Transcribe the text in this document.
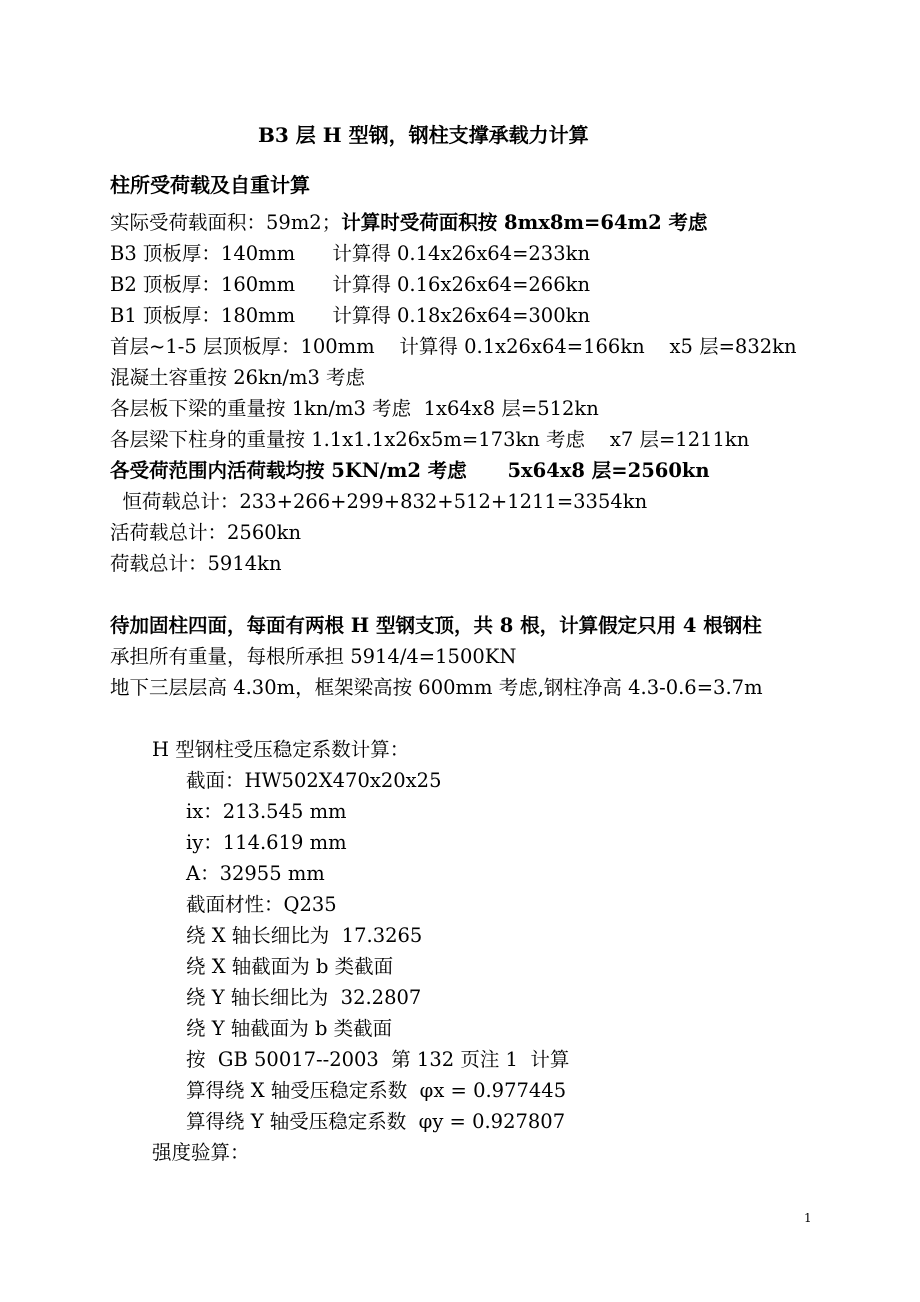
B3 层 H 型钢，钢柱支撑承载力计算
柱所受荷载及自重计算
实际受荷载面积：59m2；计算时受荷面积按 8mx8m=64m2 考虑
B3 顶板厚：140mm      计算得 0.14x26x64=233kn
B2 顶板厚：160mm      计算得 0.16x26x64=266kn
B1 顶板厚：180mm      计算得 0.18x26x64=300kn
首层~1-5 层顶板厚：100mm    计算得 0.1x26x64=166kn    x5 层=832kn
混凝土容重按 26kn/m3 考虑
各层板下梁的重量按 1kn/m3 考虑  1x64x8 层=512kn
各层梁下柱身的重量按 1.1x1.1x26x5m=173kn 考虑    x7 层=1211kn
各受荷范围内活荷载均按 5KN/m2 考虑      5x64x8 层=2560kn
恒荷载总计：233+266+299+832+512+1211=3354kn
活荷载总计：2560kn
荷载总计：5914kn
待加固柱四面，每面有两根 H 型钢支顶，共 8 根，计算假定只用 4 根钢柱
承担所有重量，每根所承担 5914/4=1500KN
地下三层层高 4.30m，框架梁高按 600mm 考虑,钢柱净高 4.3-0.6=3.7m
H 型钢柱受压稳定系数计算：
截面：HW502X470x20x25
ix：213.545 mm
iy：114.619 mm
A：32955 mm
截面材性：Q235
绕 X 轴长细比为  17.3265
绕 X 轴截面为 b 类截面
绕 Y 轴长细比为  32.2807
绕 Y 轴截面为 b 类截面
按  GB 50017--2003  第 132 页注 1  计算
算得绕 X 轴受压稳定系数  φx = 0.977445
算得绕 Y 轴受压稳定系数  φy = 0.927807
强度验算：
1
